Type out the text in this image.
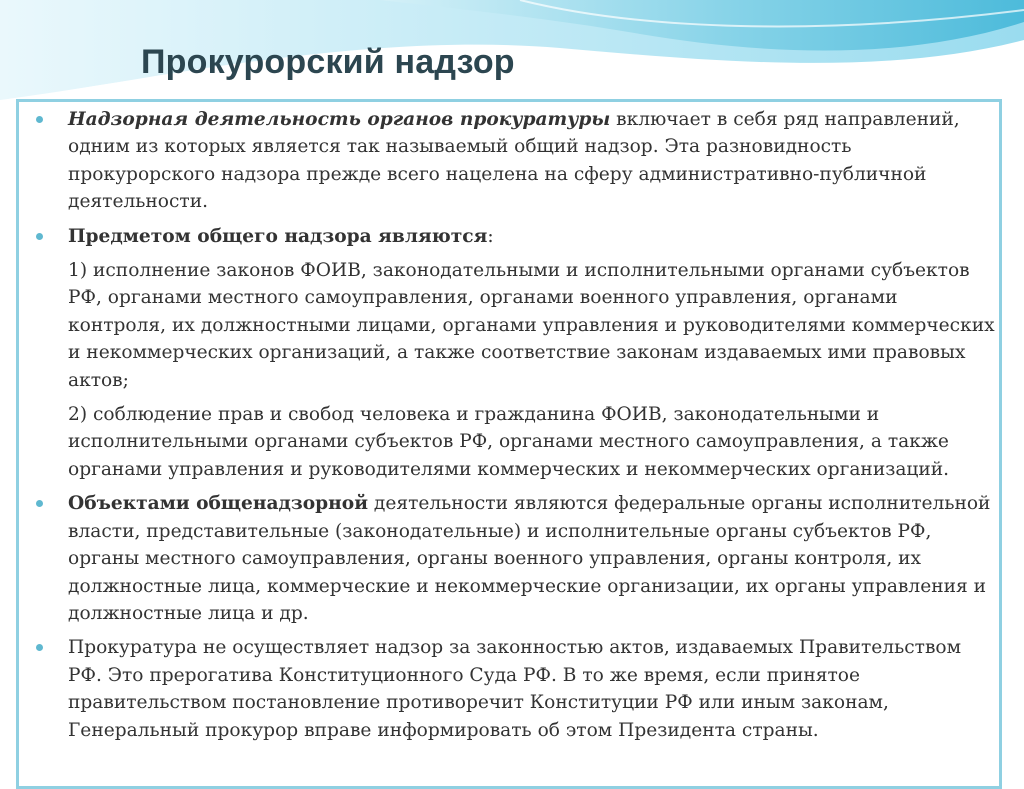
Прокурорский надзор

Надзорная деятельность органов прокуратуры включает в себя ряд направлений, одним из которых является так называемый общий надзор. Эта разновидность прокурорского надзора прежде всего нацелена на сферу административно-публичной деятельности.

Предметом общего надзора являются:

1) исполнение законов ФОИВ, законодательными и исполнительными органами субъектов РФ, органами местного самоуправления, органами военного управления, органами контроля, их должностными лицами, органами управления и руководителями коммерческих и некоммерческих организаций, а также соответствие законам издаваемых ими правовых актов;

2) соблюдение прав и свобод человека и гражданина ФОИВ, законодательными и исполнительными органами субъектов РФ, органами местного самоуправления, а также органами управления и руководителями коммерческих и некоммерческих организаций.

Объектами общенадзорной деятельности являются федеральные органы исполнительной власти, представительные (законодательные) и исполнительные органы субъектов РФ, органы местного самоуправления, органы военного управления, органы контроля, их должностные лица, коммерческие и некоммерческие организации, их органы управления и должностные лица и др.

Прокуратура не осуществляет надзор за законностью актов, издаваемых Правительством РФ. Это прерогатива Конституционного Суда РФ. В то же время, если принятое правительством постановление противоречит Конституции РФ или иным законам, Генеральный прокурор вправе информировать об этом Президента страны.
